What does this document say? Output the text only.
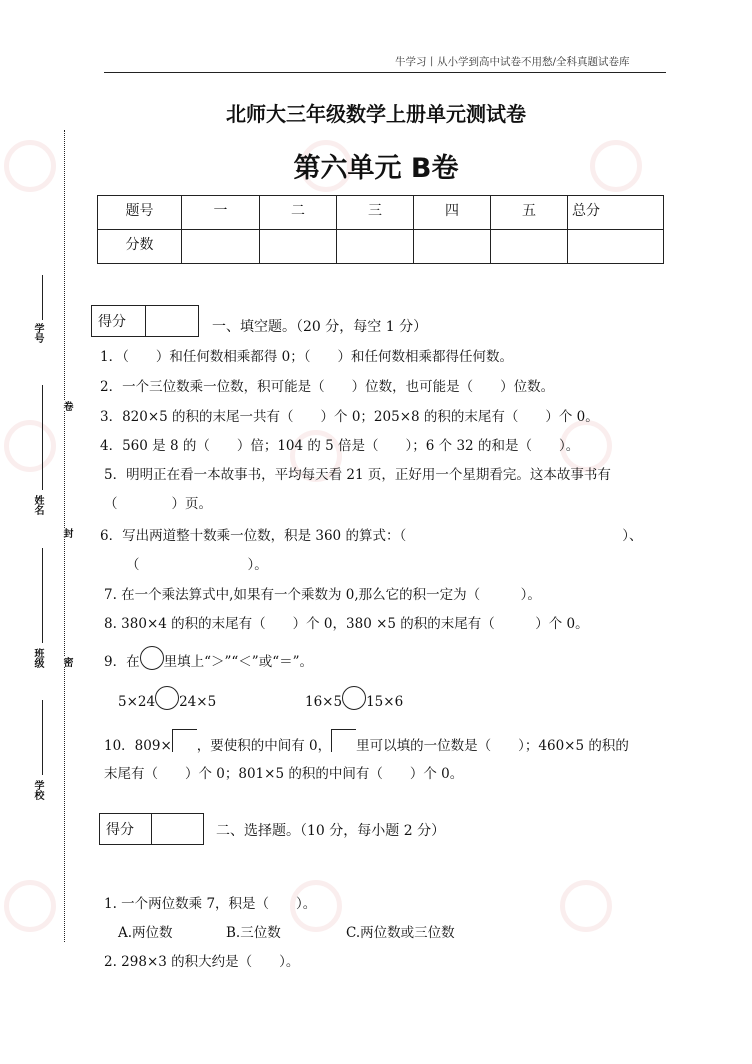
牛学习丨从小学到高中试卷不用愁/全科真题试卷库
北师大三年级数学上册单元测试卷
第六单元 B卷
题号	一	二	三	四	五	总分
分数						
学号
姓名
班级
学校
卷
封
密
得分	一、填空题。（20 分，每空 1 分）
1．（　　）和任何数相乘都得 0；（　　）和任何数相乘都得任何数。
2．一个三位数乘一位数，积可能是（　　）位数，也可能是（　　）位数。
3．820×5 的积的末尾一共有（　　）个 0；205×8 的积的末尾有（　　）个 0。
4．560 是 8 的（　　）倍；104 的 5 倍是（　　）；6 个 32 的和是（　　）。
5．明明正在看一本故事书，平均每天看 21 页，正好用一个星期看完。这本故事书有
（　　　　）页。
6．写出两道整十数乘一位数，积是 360 的算式：（　　　　　　　　　　　　　　　　）、
（　　　　　　　　）。
7. 在一个乘法算式中,如果有一个乘数为 0,那么它的积一定为（　　　）。
8. 380×4 的积的末尾有（　　）个 0，380 ×5 的积的末尾有（　　　）个 0。
9．在 里填上“＞”“＜”或“＝”。
5×24 24×5	16×5 15×6
10．809× ，要使积的中间有 0， 里可以填的一位数是（　　）；460×5 的积的
末尾有（　　）个 0；801×5 的积的中间有（　　）个 0。
得分	二、选择题。（10 分，每小题 2 分）
1. 一个两位数乘 7，积是（　　）。
A.两位数	B.三位数	C.两位数或三位数
2. 298×3 的积大约是（　　）。
